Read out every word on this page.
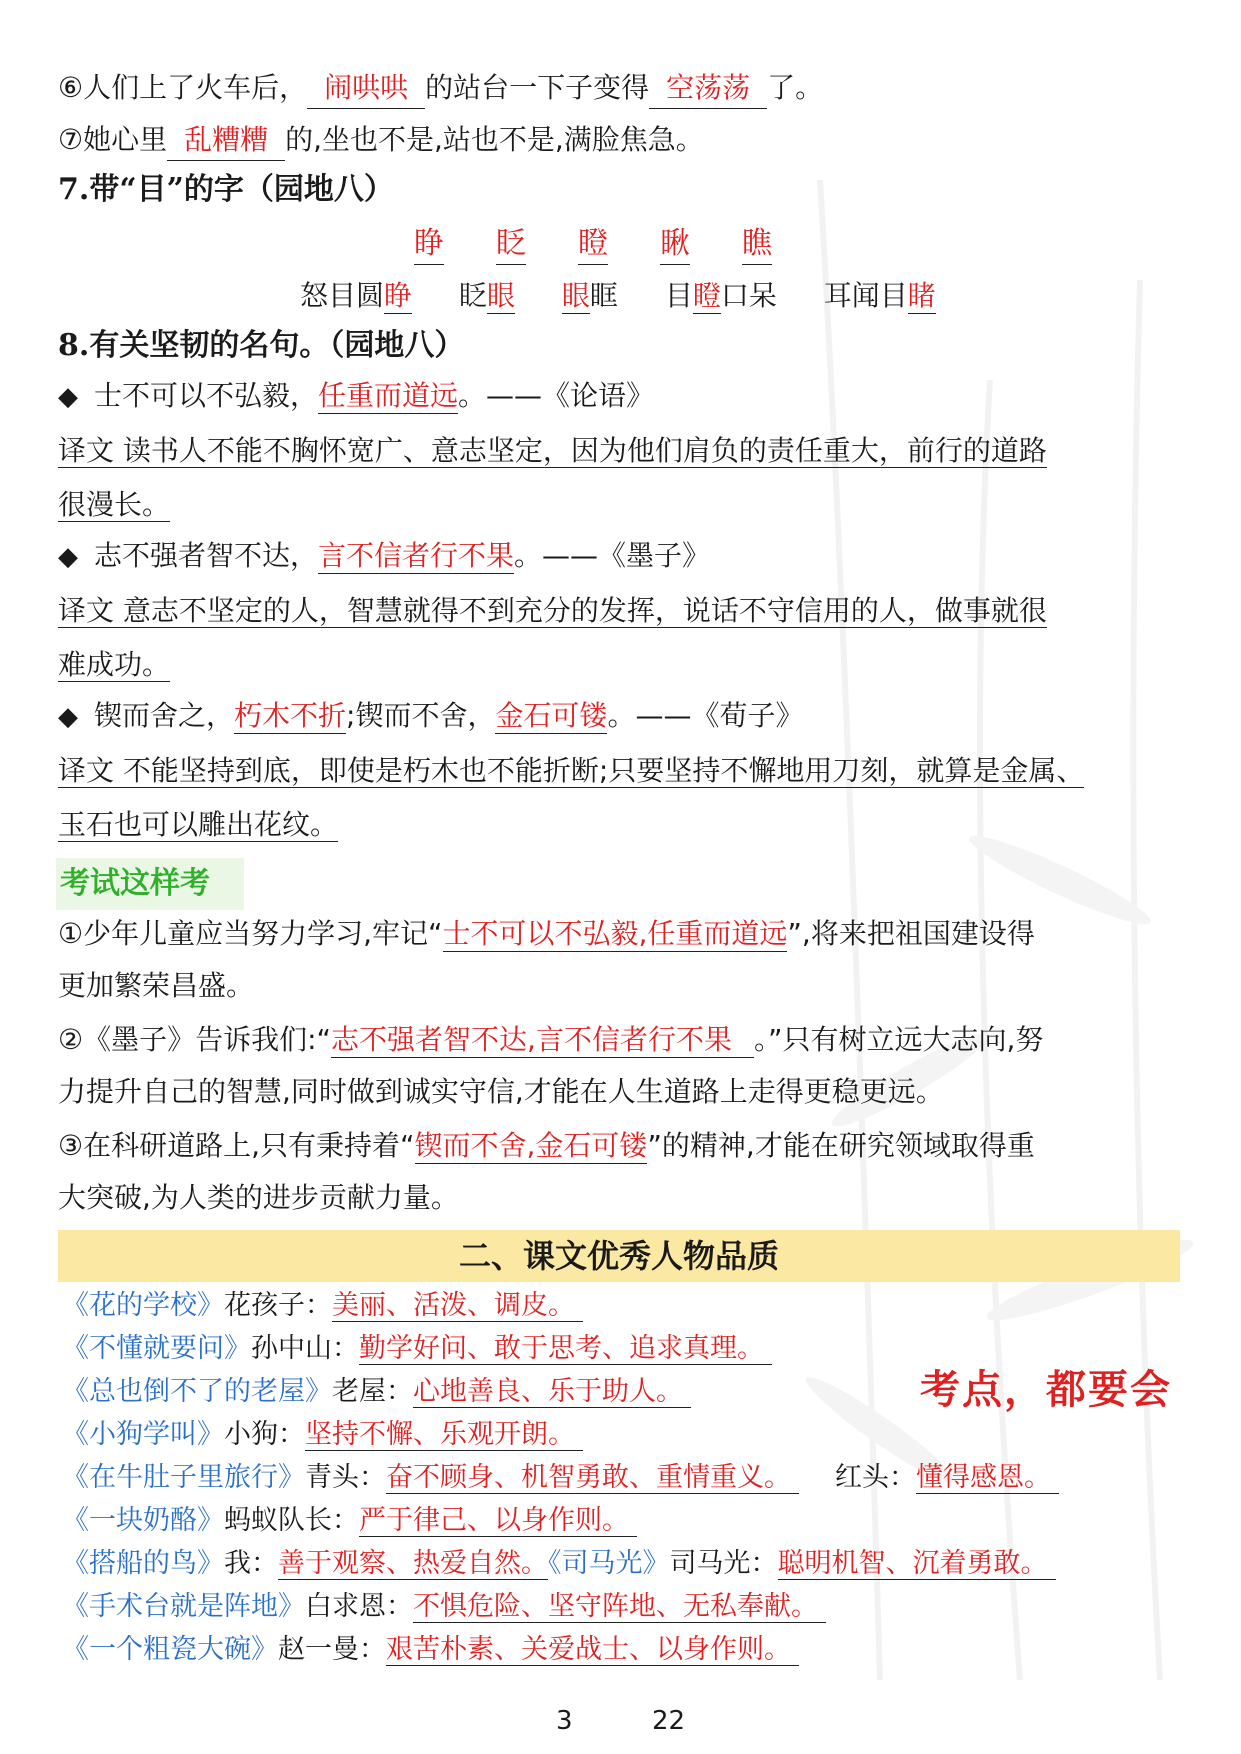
⑥人们上了火车后， 闹哄哄 的站台一下子变得 空荡荡 了。
⑦她心里 乱糟糟 的,坐也不是,站也不是,满脸焦急。
7.带“目”的字（园地八）
睁 眨 瞪 瞅 瞧
怒目圆睁 眨眼 眼眶 目瞪口呆 耳闻目睹
8.有关坚韧的名句。（园地八）
◆ 士不可以不弘毅，任重而道远。——《论语》
译文 读书人不能不胸怀宽广、意志坚定，因为他们肩负的责任重大，前行的道路
很漫长。
◆ 志不强者智不达，言不信者行不果。——《墨子》
译文 意志不坚定的人，智慧就得不到充分的发挥，说话不守信用的人，做事就很
难成功。
◆ 锲而舍之，朽木不折;锲而不舍，金石可镂。——《荀子》
译文 不能坚持到底，即使是朽木也不能折断;只要坚持不懈地用刀刻，就算是金属、
玉石也可以雕出花纹。
考试这样考
①少年儿童应当努力学习,牢记“士不可以不弘毅,任重而道远”,将来把祖国建设得
更加繁荣昌盛。
②《墨子》告诉我们:“志不强者智不达,言不信者行不果 。”只有树立远大志向,努
力提升自己的智慧,同时做到诚实守信,才能在人生道路上走得更稳更远。
③在科研道路上,只有秉持着“锲而不舍,金石可镂”的精神,才能在研究领域取得重
大突破,为人类的进步贡献力量。
二、课文优秀人物品质
《花的学校》花孩子：美丽、活泼、调皮。
《不懂就要问》孙中山：勤学好问、敢于思考、追求真理。
《总也倒不了的老屋》老屋：心地善良、乐于助人。
《小狗学叫》小狗：坚持不懈、乐观开朗。
《在牛肚子里旅行》青头：奋不顾身、机智勇敢、重情重义。 红头：懂得感恩。
《一块奶酪》蚂蚁队长：严于律己、以身作则。
《搭船的鸟》我：善于观察、热爱自然。《司马光》司马光：聪明机智、沉着勇敢。
《手术台就是阵地》白求恩：不惧危险、坚守阵地、无私奉献。
《一个粗瓷大碗》赵一曼：艰苦朴素、关爱战士、以身作则。
考点，都要会
3	22
